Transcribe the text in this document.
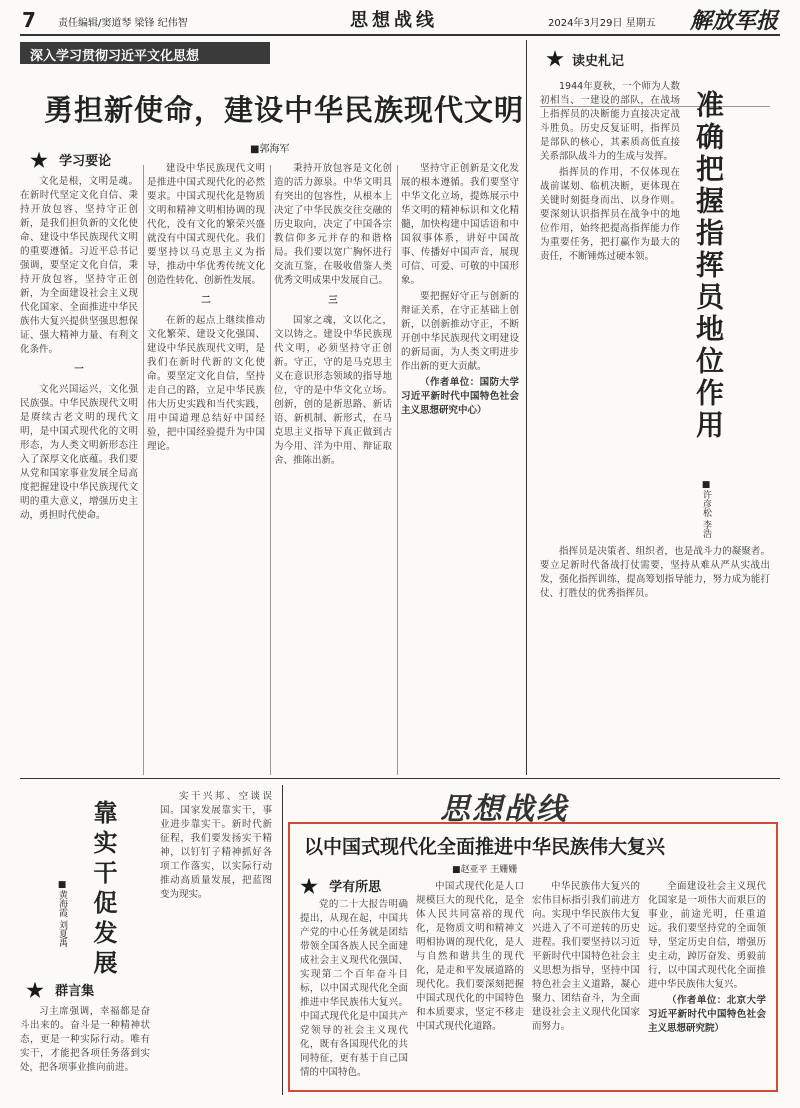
7 责任编辑/窦道琴 梁锋 纪伟智	思想战线	2024年3月29日 星期五 解放军报
深入学习贯彻习近平文化思想
勇担新使命，建设中华民族现代文明
■郭海军
学习要论

文化是根，文明是魂。在新时代坚定文化自信、秉持开放包容、坚持守正创新，是我们担负新的文化使命、建设中华民族现代文明的重要遵循。习近平总书记强调，要坚定文化自信，秉持开放包容，坚持守正创新，为全面建设社会主义现代化国家、全面推进中华民族伟大复兴提供坚强思想保证、强大精神力量、有利文化条件。

一

文化兴国运兴，文化强民族强。中华民族现代文明是赓续古老文明的现代文明，是中国式现代化的文明形态，为人类文明新形态注入了深厚文化底蕴。我们要从党和国家事业发展全局高度把握建设中华民族现代文明的重大意义，增强历史主动，勇担时代使命。

建设中华民族现代文明是推进中国式现代化的必然要求。中国式现代化是物质文明和精神文明相协调的现代化，没有文化的繁荣兴盛就没有中国式现代化。我们要坚持以马克思主义为指导，推动中华优秀传统文化创造性转化、创新性发展。

二

在新的起点上继续推动文化繁荣、建设文化强国、建设中华民族现代文明，是我们在新时代新的文化使命。要坚定文化自信，坚持走自己的路，立足中华民族伟大历史实践和当代实践，用中国道理总结好中国经验，把中国经验提升为中国理论。

秉持开放包容是文化创造的活力源泉。中华文明具有突出的包容性，从根本上决定了中华民族交往交融的历史取向，决定了中国各宗教信仰多元并存的和谐格局。我们要以宽广胸怀进行交流互鉴，在吸收借鉴人类优秀文明成果中发展自己。

三

国家之魂，文以化之，文以铸之。建设中华民族现代文明，必须坚持守正创新。守正，守的是马克思主义在意识形态领域的指导地位，守的是中华文化立场。创新，创的是新思路、新话语、新机制、新形式，在马克思主义指导下真正做到古为今用、洋为中用、辩证取舍、推陈出新。

坚持守正创新是文化发展的根本遵循。我们要坚守中华文化立场，提炼展示中华文明的精神标识和文化精髓，加快构建中国话语和中国叙事体系，讲好中国故事、传播好中国声音，展现可信、可爱、可敬的中国形象。

要把握好守正与创新的辩证关系，在守正基础上创新，以创新推动守正，不断开创中华民族现代文明建设的新局面，为人类文明进步作出新的更大贡献。

（作者单位：国防大学习近平新时代中国特色社会主义思想研究中心）

读史札记
准确把握指挥员地位作用
■许彦松 李浩

1944年夏秋，一个师为人数初相当、一建设的部队，在战场上指挥员的决断能力直接决定战斗胜负。历史反复证明，指挥员是部队的核心，其素质高低直接关系部队战斗力的生成与发挥。

指挥员的作用，不仅体现在战前谋划、临机决断，更体现在关键时刻挺身而出、以身作则。要深刻认识指挥员在战争中的地位作用，始终把提高指挥能力作为重要任务，把打赢作为最大的责任，不断锤炼过硬本领。

指挥员是决策者、组织者，也是战斗力的凝聚者。要立足新时代备战打仗需要，坚持从难从严从实战出发，强化指挥训练，提高筹划指导能力，努力成为能打仗、打胜仗的优秀指挥员。

靠实干促发展
■黄海霞 刘夏禹

实干兴邦、空谈误国。国家发展靠实干，事业进步靠实干。新时代新征程，我们要发扬实干精神，以钉钉子精神抓好各项工作落实，以实际行动推动高质量发展，把蓝图变为现实。

群言集

习主席强调，幸福都是奋斗出来的。奋斗是一种精神状态，更是一种实际行动。唯有实干，才能把各项任务落到实处，把各项事业推向前进。

思想战线
以中国式现代化全面推进中华民族伟大复兴
■赵亚平 王姗姗
学有所思

党的二十大报告明确提出，从现在起，中国共产党的中心任务就是团结带领全国各族人民全面建成社会主义现代化强国、实现第二个百年奋斗目标，以中国式现代化全面推进中华民族伟大复兴。中国式现代化是中国共产党领导的社会主义现代化，既有各国现代化的共同特征，更有基于自己国情的中国特色。

中国式现代化是人口规模巨大的现代化，是全体人民共同富裕的现代化，是物质文明和精神文明相协调的现代化，是人与自然和谐共生的现代化，是走和平发展道路的现代化。我们要深刻把握中国式现代化的中国特色和本质要求，坚定不移走中国式现代化道路。

中华民族伟大复兴的宏伟目标指引我们前进方向。实现中华民族伟大复兴进入了不可逆转的历史进程。我们要坚持以习近平新时代中国特色社会主义思想为指导，坚持中国特色社会主义道路，凝心聚力、团结奋斗，为全面建设社会主义现代化国家而努力。

全面建设社会主义现代化国家是一项伟大而艰巨的事业，前途光明，任重道远。我们要坚持党的全面领导，坚定历史自信，增强历史主动，踔厉奋发、勇毅前行，以中国式现代化全面推进中华民族伟大复兴。

（作者单位：北京大学习近平新时代中国特色社会主义思想研究院）
